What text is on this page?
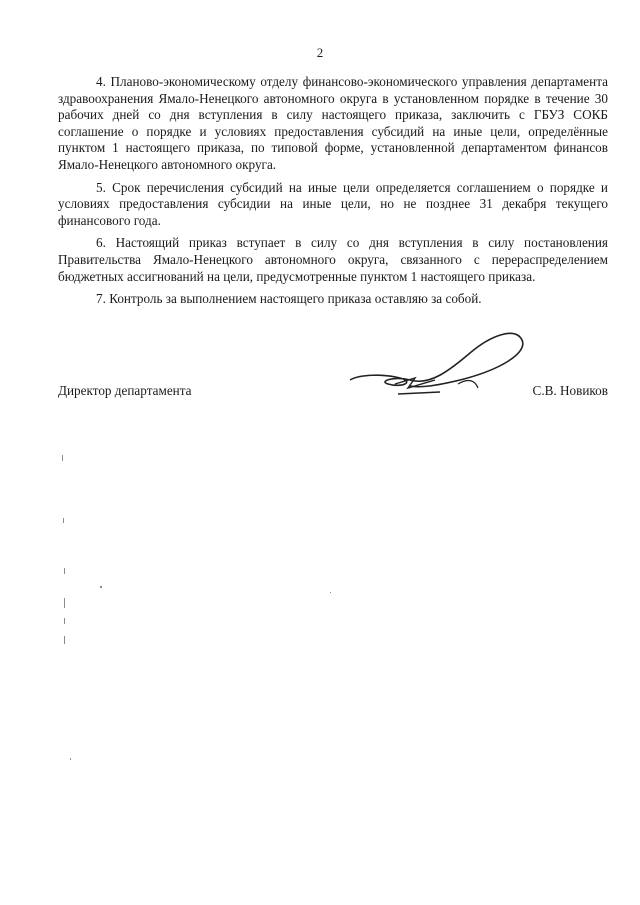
2

4. Планово-экономическому отделу финансово-экономического управления департамента здравоохранения Ямало-Ненецкого автономного округа в установленном порядке в течение 30 рабочих дней со дня вступления в силу настоящего приказа, заключить с ГБУЗ СОКБ соглашение о порядке и условиях предоставления субсидий на иные цели, определённые пунктом 1 настоящего приказа, по типовой форме, установленной департаментом финансов Ямало-Ненецкого автономного округа.

5. Срок перечисления субсидий на иные цели определяется соглашением о порядке и условиях предоставления субсидии на иные цели, но не позднее 31 декабря текущего финансового года.

6. Настоящий приказ вступает в силу со дня вступления в силу постановления Правительства Ямало-Ненецкого автономного округа, связанного с перераспределением бюджетных ассигнований на цели, предусмотренные пунктом 1 настоящего приказа.

7. Контроль за выполнением настоящего приказа оставляю за собой.

Директор департамента	С.В. Новиков
